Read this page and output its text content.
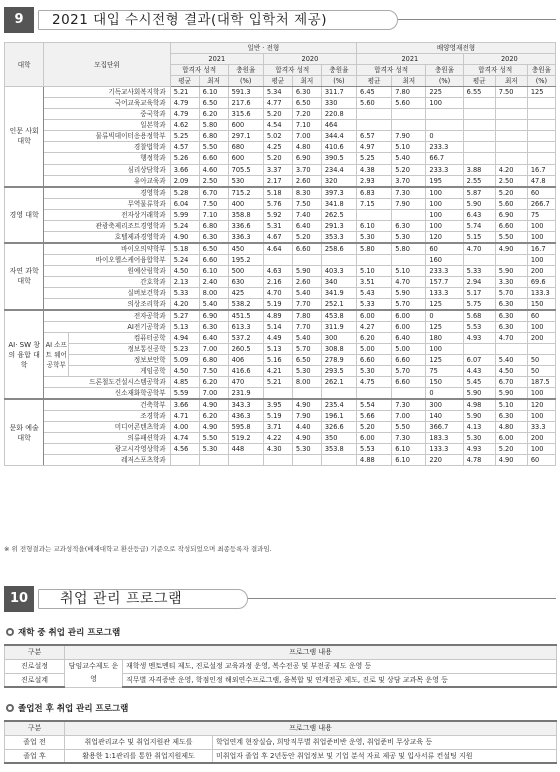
9	2021 대입 수시전형 결과(대학 입학처 제공)
대학	모집단위		일반 · 전형						배양영재전형					
			2021			2020			2021			2020		
			합격자 성적		충원율	합격자 성적		충원율	합격자 성적		충원율	합격자 성적		충원율
			평균	최저	(%)	평균	최저	(%)	평균	최저	(%)	평균	최저	(%)
인문 사회 대학	기독교사회복지학과		5.21	6.10	591.3	5.34	6.30	311.7	6.45	7.80	225	6.55	7.50	125
	국어교육교육학과		4.79	6.50	217.6	4.77	6.50	330	5.60	5.60	100			
	중국학과		4.79	6.20	315.6	5.20	7.20	220.8						
	일본학과		4.62	5.80	600	4.54	7.10	464						
	물류빅데이터응용정학부		5.25	6.80	297.1	5.02	7.00	344.4	6.57	7.90	0			
	경찰법학과		4.57	5.50	680	4.25	4.80	410.6	4.97	5.10	233.3			
	행정학과		5.26	6.60	600	5.20	6.90	390.5	5.25	5.40	66.7			
	심리상담학과		3.66	4.60	705.5	3.37	3.70	234.4	4.38	5.20	233.3	3.88	4.20	16.7
	유아교육과		2.09	2.50	530	2.17	2.60	320	2.93	3.70	195	2.55	2.50	47.8
경영 대학	경영학과		5.28	6.70	715.2	5.18	8.30	397.3	6.83	7.30	100	5.87	5.20	60
	무역물류학과		6.04	7.50	400	5.76	7.50	341.8	7.15	7.90	100	5.90	5.60	266.7
	전자상거래학과		5.99	7.10	358.8	5.92	7.40	262.5			100	6.43	6.90	75
	관광축제리조트경영학과		5.24	6.80	336.6	5.31	6.40	291.3	6.10	6.30	100	5.74	6.60	100
	호텔제과경영학과		4.90	6.30	336.3	4.67	5.20	353.3	5.30	5.30	120	5.15	5.50	100
자연 과학 대학	바이오의약학부		5.18	6.50	450	4.64	6.60	258.6	5.80	5.80	60	4.70	4.90	16.7
	바이오헬스케어융합학부		5.24	6.60	195.2						160			100
	원예산림학과		4.50	6.10	500	4.63	5.90	403.3	5.10	5.10	233.3	5.33	5.90	200
	간호학과		2.13	2.40	630	2.16	2.60	340	3.51	4.70	157.7	2.94	3.30	69.6
	실버보건학과		5.33	8.00	425	4.70	5.40	341.9	5.43	5.90	133.3	5.17	5.70	133.3
	의상조리학과		4.20	5.40	538.2	5.19	7.70	252.1	5.33	5.70	125	5.75	6.30	150
AI· SW 창의 융합 대학	전자공학과		5.27	6.90	451.5	4.89	7.80	453.8	6.00	6.00	0	5.68	6.30	60
	AI전기공학과		5.13	6.30	613.3	5.14	7.70	311.9	4.27	6.00	125	5.53	6.30	100
	AI 소프트 웨어 공학부	컴퓨터공학	4.94	6.40	537.2	4.49	5.40	300	6.20	6.40	180	4.93	4.70	200
		정보통신공학	5.23	7.00	260.5	5.13	5.70	308.8	5.00	5.00	100			
		정보보안학	5.09	6.80	406	5.16	6.50	278.9	6.60	6.60	125	6.07	5.40	50
		게임공학	4.50	7.50	416.6	4.21	5.30	293.5	5.30	5.70	75	4.43	4.50	50
	드론철도건설시스템공학과		4.85	6.20	470	5.21	8.00	262.1	4.75	6.60	150	5.45	6.70	187.5
	신소재화학공학부		5.59	7.00	231.9						0	5.90	5.90	100
문화 예술 대학	건축학부		3.66	4.90	343.3	3.95	4.90	235.4	5.54	7.30	300	4.98	5.10	120
	조경학과		4.71	6.20	436.3	5.19	7.90	196.1	5.66	7.00	140	5.90	6.30	100
	미디어콘텐츠학과		4.00	4.90	595.8	3.71	4.40	326.6	5.20	5.50	366.7	4.13	4.80	33.3
	의류패션학과		4.74	5.50	519.2	4.22	4.90	350	6.00	7.30	183.3	5.30	6.00	200
	광고시각영상학과		4.56	5.30	448	4.30	5.30	353.8	5.53	6.10	133.3	4.93	5.20	100
	레저스포츠학과								4.88	6.10	220	4.78	4.90	60
※ 위 전형결과는 교과성적을(배재대학교 환산등급) 기준으로 작성되었으며 최종등록자 결과임.
10	취업 관리 프로그램
재학 중 취업 관리 프로그램
구분	프로그램 내용	
진로설정	담임교수제도 운영	재학생 멘토멘티 제도, 진로설정 교육과정 운영, 복수전공 및 부전공 제도 운영 등
진로설계		직무별 자격증반 운영, 학점인정 해외연수프로그램, 융복합 및 연계전공 제도, 진로 및 상담 교과목 운영 등
졸업전 후 취업 관리 프로그램
구분	프로그램 내용	
졸업 전	취업관리교수 및 취업지원관 제도를	학업연계 현장실습, 희망직무별 취업준비반 운영, 취업준비 무상교육 등
졸업 후	활용한 1:1관리를 통한 취업지원제도	미취업자 졸업 후 2년동안 취업정보 및 기업 분석 자료 제공 및 입사서류 컨설팅 지원
